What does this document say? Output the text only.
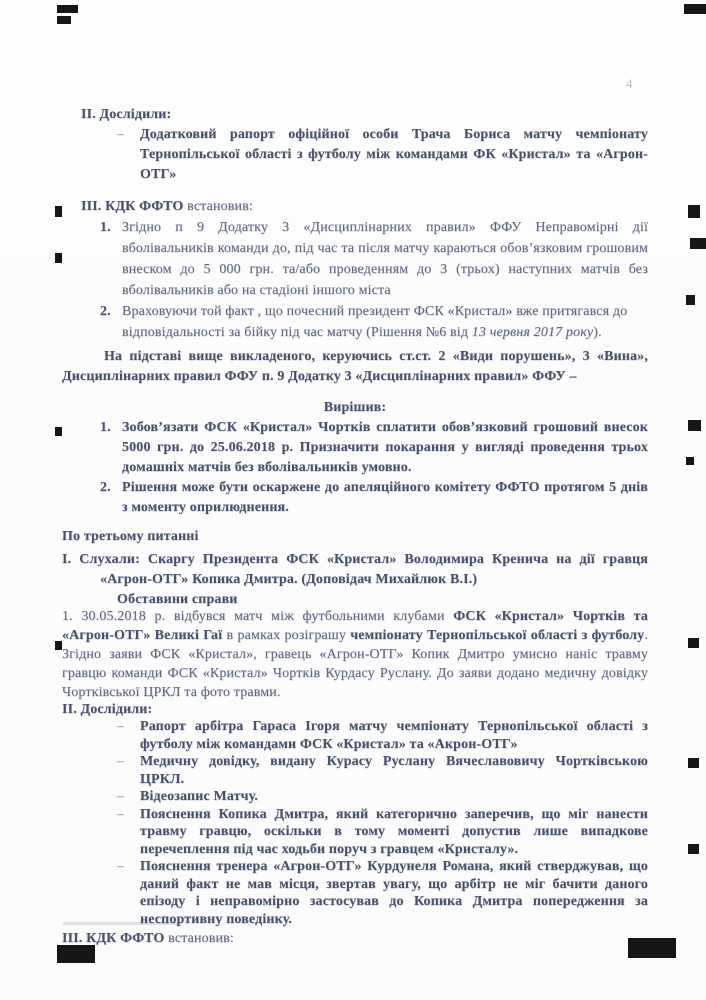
4
ІІ. Дослідили:
– Додатковий рапорт офіційної особи Трача Бориса матчу чемпіонату Тернопільської області з футболу між командами ФК «Кристал» та «Агрон-ОТГ»
ІІІ. КДК ФФТО встановив:
1. Згідно п 9 Додатку 3 «Дисциплінарних правил» ФФУ Неправомірні дії вболівальників команди до, під час та після матчу караються обов’язковим грошовим внеском до 5 000 грн. та/або проведенням до 3 (трьох) наступних матчів без вболівальників або на стадіоні іншого міста
2. Враховуючи той факт , що почесний президент ФСК «Кристал» вже притягався до відповідальності за бійку під час матчу (Рішення №6 від 13 червня 2017 року).

На підставі вище викладеного, керуючись ст.ст. 2 «Види порушень», 3 «Вина», Дисциплінарних правил ФФУ п. 9 Додатку 3 «Дисциплінарних правил» ФФУ –

Вирішив:

1. Зобов’язати ФСК «Кристал» Чортків сплатити обов’язковий грошовий внесок 5000 грн. до 25.06.2018 р. Призначити покарання у вигляді проведення трьох домашніх матчів без вболівальників умовно.
2. Рішення може бути оскаржене до апеляційного комітету ФФТО протягом 5 днів з моменту оприлюднення.

По третьому питанні

І. Слухали: Скаргу Президента ФСК «Кристал» Володимира Кренича на дії гравця «Агрон-ОТГ» Копика Дмитра. (Доповідач Михайлюк В.І.)

Обставини справи

1. 30.05.2018 р. відбувся матч між футбольними клубами ФСК «Кристал» Чортків та «Агрон-ОТГ» Великі Гаї в рамках розіграшу чемпіонату Тернопільської області з футболу. Згідно заяви ФСК «Кристал», гравець «Агрон-ОТГ» Копик Дмитро умисно наніс травму гравцю команди ФСК «Кристал» Чортків Курдасу Руслану. До заяви додано медичну довідку Чортківської ЦРКЛ та фото травми.

ІІ. Дослідили:
– Рапорт арбітра Гараса Ігоря матчу чемпіонату Тернопільської області з футболу між командами ФСК «Кристал» та «Акрон-ОТГ»
– Медичну довідку, видану Курасу Руслану Вячеславовичу Чортківською ЦРКЛ.
– Відеозапис Матчу.
– Пояснення Копика Дмитра, який категорично заперечив, що міг нанести травму гравцю, оскільки в тому моменті допустив лише випадкове перечеплення під час ходьби поруч з гравцем «Кристалу».
– Пояснення тренера «Агрон-ОТГ» Курдунеля Романа, який стверджував, що даний факт не мав місця, звертав увагу, що арбітр не міг бачити даного епізоду і неправомірно застосував до Копика Дмитра попередження за неспортивну поведінку.
ІІІ. КДК ФФТО встановив:
